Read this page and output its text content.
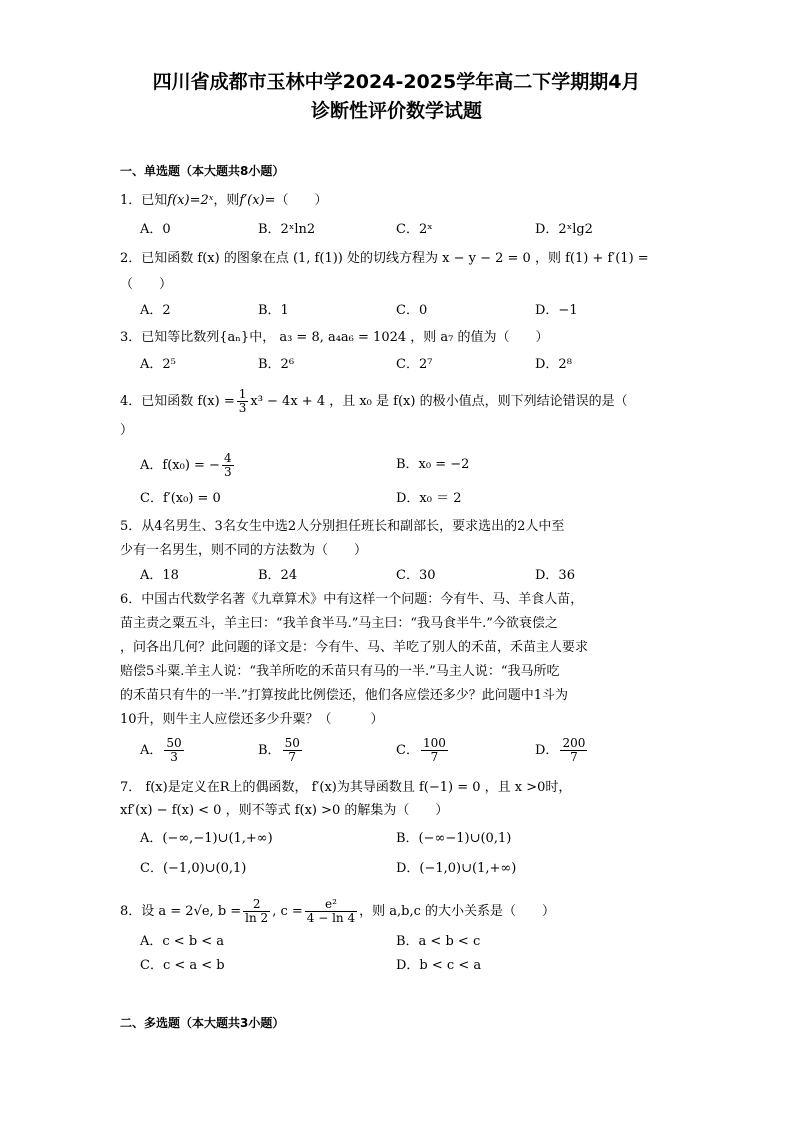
四川省成都市玉林中学2024-2025学年高二下学期期4月
诊断性评价数学试题
一、单选题（本大题共8小题）
1．已知f(x)=2ˣ，则f′(x)=（　　）
A．0	B．2ˣln2	C．2ˣ	D．2ˣlg2
2．已知函数 f(x) 的图象在点 (1, f(1)) 处的切线方程为 x − y − 2 = 0 ，则 f(1) + f′(1) =
（　　）
A．2	B．1	C．0	D．−1
3．已知等比数列{aₙ}中， a₃ = 8, a₄a₆ = 1024 ，则 a₇ 的值为（　　）
A．2⁵	B．2⁶	C．2⁷	D．2⁸
4．已知函数 $f(x) = \frac{1}{3} x^3 - 4x + 4$ ，且 x₀ 是 f(x) 的极小值点，则下列结论错误的是（
）
A．f(x₀) = − $\frac{4}{3}$	B．x₀ = −2
C．f′(x₀) = 0	D．x₀ ＝ 2
5．从4名男生、3名女生中选2人分别担任班长和副部长，要求选出的2人中至
少有一名男生，则不同的方法数为（　　）
A．18	B．24	C．30	D．36
6．中国古代数学名著《九章算术》中有这样一个问题：今有牛、马、羊食人苗，
苗主责之粟五斗，羊主曰：“我羊食半马.”马主曰：“我马食半牛.”今欲衰偿之
，问各出几何？此问题的译文是：今有牛、马、羊吃了别人的禾苗，禾苗主人要求
赔偿5斗粟.羊主人说：“我羊所吃的禾苗只有马的一半.”马主人说：“我马所吃
的禾苗只有牛的一半.”打算按此比例偿还，他们各应偿还多少？此问题中1斗为
10升，则牛主人应偿还多少升粟？（　　　）
A． $\frac{50}{3}$	B． $\frac{50}{7}$	C． $\frac{100}{7}$	D． $\frac{200}{7}$
7． f(x)是定义在R上的偶函数， f′(x)为其导函数且 f(−1) = 0 ，且 x >0时，
xf′(x) − f(x) < 0 ，则不等式 f(x) >0 的解集为（　　）
A．(−∞,−1)∪(1,+∞)	B．(−∞−1)∪(0,1)
C．(−1,0)∪(0,1)	D．(−1,0)∪(1,+∞)
8．设 a = 2√e, $b = \frac{2}{\ln 2}$ , $c = \frac{\text{e²}}{4 - \ln 4}$ ，则 a,b,c 的大小关系是（　　）
A．c < b < a	B．a < b < c
C．c < a < b	D．b < c < a
二、多选题（本大题共3小题）
